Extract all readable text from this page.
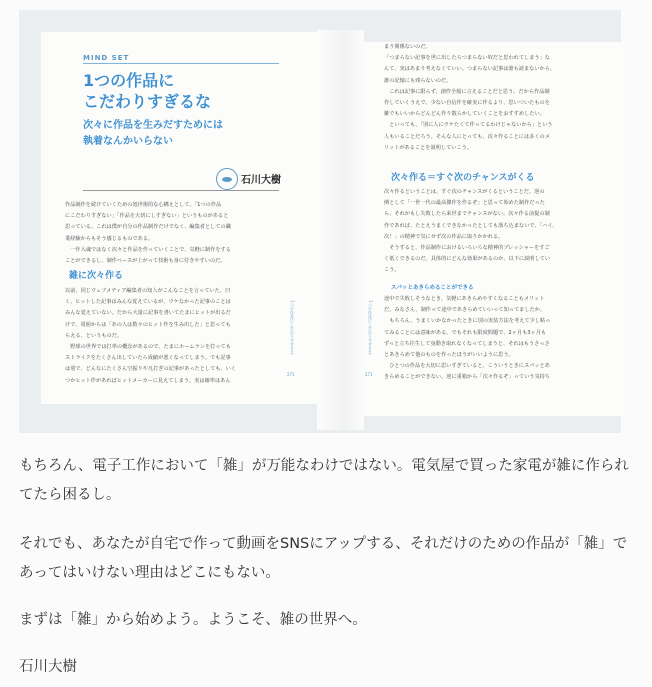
MIND SET
1つの作品に
こだわりすぎるな
次々に作品を生みだすためには
執着なんかいらない
石川大樹
作品制作を続けていくための処世術的な心構えとして、「1つの作品
にこだわりすぎない」「作品を大切にしすぎない」というものがあると
思っている。これは僕が自分の作品制作だけでなく、編集者としての職
業経験からもそう感じるものである。
　一作入魂ではなく次々と作品を作っていくことで、気軽に制作をする
ことができるし、制作ペースが上がって技術も身に付きやすいのだ。
雑に次々作る
以前、同じウェブメディア編集者の知人がこんなことを言っていた。曰
く、ヒットした記事はみんな覚えているが、ウケなかった記事のことは
みんな覚えていない。だから大量に記事を書いてたまにヒットが出るだ
けで、周囲からは「あの人は数々のヒット作を生み出した」と思っても
らえる、というものだ。
　野球の世界では打率の概念があるので、たまにホームランを打っても
ストライクをたくさん出していたら成績が悪くなってしまう。でも記事
は別で、どんなにたくさん空振りや凡打ぎの記事があったとしても、いく
つかヒット作があればヒットメーカーに見えてしまう。実は確率はあん
1つの作品にこだわりすぎるな
271
まり関係ないのだ。
「つまらない記事を世に出したらつまらない奴だと思われてしまう」な
んて、実はあまり考えなくていい。つまらない記事は誰も読まないから、
誰の記憶にも残らないのだ。
　これは記事に限らず、創作全般に言えることだと思う。だから作品制
作していくうえで、少ない自信作を確実に作るより、思いついたものを
雑でもいいからどんどん作り散らかしていくことをおすすめしたい。
　といっても、「別に人にウケたくて作ってるわけじゃないから」という
人もいることだろう。そんな人にとっても、次々作ることには多くのメ
リットがあることを説明していこう。
次々作る＝すぐ次のチャンスがくる
次々作るということは、すぐ次のチャンスがくるということだ。逆の
例として「一世一代の最高傑作を作るぞ」と思って始めた制作だった
ら、それがもし失敗したら来世までチャンスがない。次々作る前提の制
作であれば、たとえうまくできなかったとしても落ち込まないで、「ハイ、
次！」の精神で気にせず次の作品に取りかかれる。
　そうすると、作品制作におけるいろいろな精神的プレッシャーをすご
く低くできるのだ。具体的にどんな効果があるのか、以下に説明してい
こう。
スパッとあきらめることができる
途中で失敗しそうなとき、気軽にあきらめやすくなることもメリット
だ。みなさん、制作って途中であきらめていいって知ってましたか。
　もちろん、うまくいかなかったときに別の実装方法を考えて少し粘っ
てみることには意味がある。でもそれも限度問題で、2ヶ月も3ヶ月も
ずっと立ち往生して身動き取れなくなってしまうと、それはもうさっさ
とあきらめて他のものを作ったほうがいいように思う。
　ひとつの作品を大切に思いすぎていると、こういうときにスパッとあ
きらめることができない。逆に重箱から「次々作るぞ」っていう気持ち
1つの作品にこだわりすぎるな
271

もちろん、電子工作において「雑」が万能なわけではない。電気屋で買った家電が雑に作られ
てたら困るし。

それでも、あなたが自宅で作って動画をSNSにアップする、それだけのための作品が「雑」で
あってはいけない理由はどこにもない。

まずは「雑」から始めよう。ようこそ、雑の世界へ。

石川大樹
